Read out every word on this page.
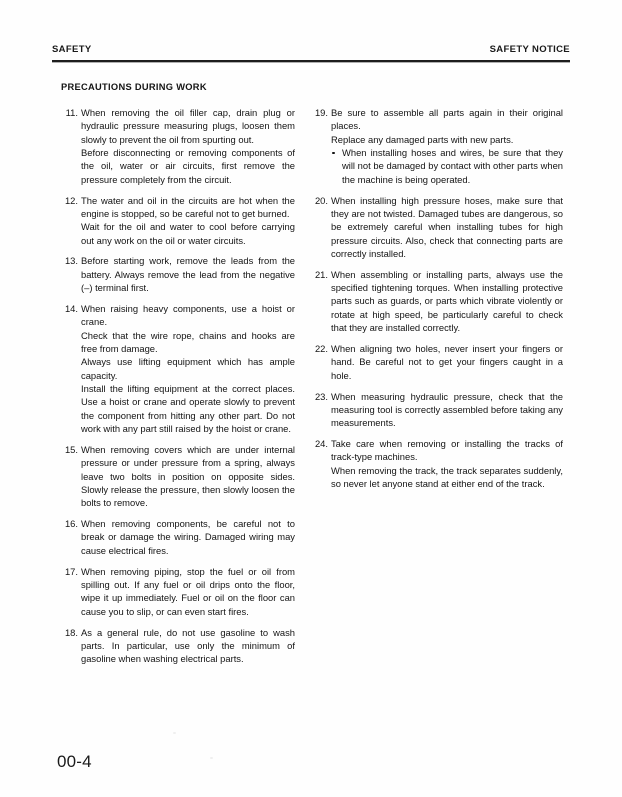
SAFETY	SAFETY NOTICE
PRECAUTIONS DURING WORK
11. When removing the oil filler cap, drain plug or hydraulic pressure measuring plugs, loosen them slowly to prevent the oil from spurting out.

Before disconnecting or removing components of the oil, water or air circuits, first remove the pressure completely from the circuit.

12. The water and oil in the circuits are hot when the engine is stopped, so be careful not to get burned.

Wait for the oil and water to cool before carrying out any work on the oil or water circuits.

13. Before starting work, remove the leads from the battery. Always remove the lead from the negative (–) terminal first.

14. When raising heavy components, use a hoist or crane.

Check that the wire rope, chains and hooks are free from damage.

Always use lifting equipment which has ample capacity.

Install the lifting equipment at the correct places. Use a hoist or crane and operate slowly to prevent the component from hitting any other part. Do not work with any part still raised by the hoist or crane.

15. When removing covers which are under internal pressure or under pressure from a spring, always leave two bolts in position on opposite sides. Slowly release the pressure, then slowly loosen the bolts to remove.

16. When removing components, be careful not to break or damage the wiring. Damaged wiring may cause electrical fires.

17. When removing piping, stop the fuel or oil from spilling out. If any fuel or oil drips onto the floor, wipe it up immediately. Fuel or oil on the floor can cause you to slip, or can even start fires.

18. As a general rule, do not use gasoline to wash parts. In particular, use only the minimum of gasoline when washing electrical parts.

19. Be sure to assemble all parts again in their original places.

Replace any damaged parts with new parts.

When installing hoses and wires, be sure that they will not be damaged by contact with other parts when the machine is being operated.
20. When installing high pressure hoses, make sure that they are not twisted. Damaged tubes are dangerous, so be extremely careful when installing tubes for high pressure circuits. Also, check that connecting parts are correctly installed.

21. When assembling or installing parts, always use the specified tightening torques. When installing protective parts such as guards, or parts which vibrate violently or rotate at high speed, be particularly careful to check that they are installed correctly.

22. When aligning two holes, never insert your fingers or hand. Be careful not to get your fingers caught in a hole.

23. When measuring hydraulic pressure, check that the measuring tool is correctly assembled before taking any measurements.

24. Take care when removing or installing the tracks of track-type machines.

When removing the track, the track separates suddenly, so never let anyone stand at either end of the track.

00-4
